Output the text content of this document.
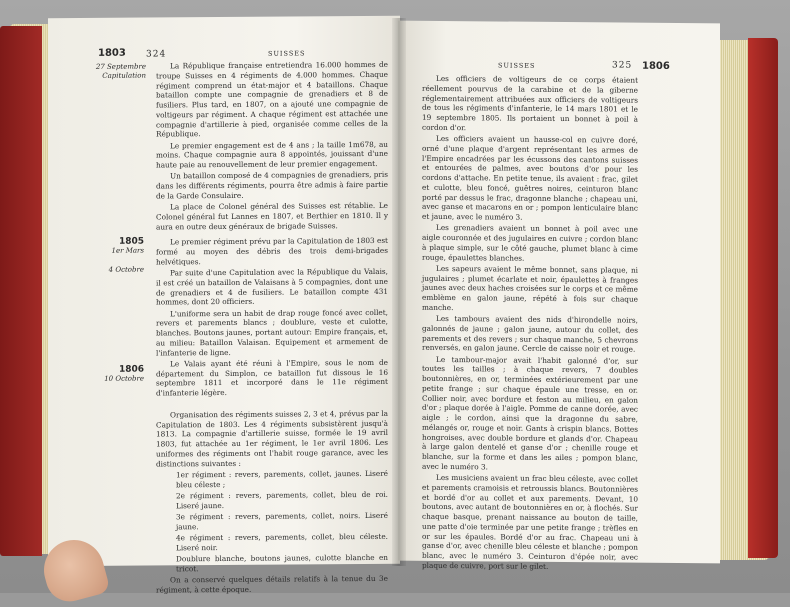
1803 324	SUISSES
27 Septembre
Capitulation
1805
1er Mars
4 Octobre
1806
10 Octobre

La République française entretiendra 16.000 hommes de troupe Suisses en 4 régiments de 4.000 hommes. Chaque régiment comprend un état-major et 4 bataillons. Chaque bataillon compte une compagnie de grenadiers et 8 de fusiliers. Plus tard, en 1807, on a ajouté une compagnie de voltigeurs par régiment. A chaque régiment est attachée une compagnie d'artillerie à pied, organisée comme celles de la République.

Le premier engagement est de 4 ans ; la taille 1m678, au moins. Chaque compagnie aura 8 appointés, jouissant d'une haute paie au renouvellement de leur premier engagement.

Un bataillon composé de 4 compagnies de grenadiers, pris dans les différents régiments, pourra être admis à faire partie de la Garde Consulaire.

La place de Colonel général des Suisses est rétablie. Le Colonel général fut Lannes en 1807, et Berthier en 1810. Il y aura en outre deux généraux de brigade Suisses.

Le premier régiment prévu par la Capitulation de 1803 est formé au moyen des débris des trois demi-brigades helvétiques.

Par suite d'une Capitulation avec la République du Valais, il est créé un bataillon de Valaisans à 5 compagnies, dont une de grenadiers et 4 de fusiliers. Le bataillon compte 431 hommes, dont 20 officiers.

L'uniforme sera un habit de drap rouge foncé avec collet, revers et parements blancs ; doublure, veste et culotte, blanches. Boutons jaunes, portant autour: Empire français, et, au milieu: Bataillon Valaisan. Equipement et armement de l'infanterie de ligne.

Le Valais ayant été réuni à l'Empire, sous le nom de département du Simplon, ce bataillon fut dissous le 16 septembre 1811 et incorporé dans le 11e régiment d'infanterie légère.

Organisation des régiments suisses 2, 3 et 4, prévus par la Capitulation de 1803. Les 4 régiments subsistèrent jusqu'à 1813. La compagnie d'artillerie suisse, formée le 19 avril 1803, fut attachée au 1er régiment, le 1er avril 1806. Les uniformes des régiments ont l'habit rouge garance, avec les distinctions suivantes :

1er régiment : revers, parements, collet, jaunes. Liseré bleu céleste ;

2e régiment : revers, parements, collet, bleu de roi. Liseré jaune.

3e régiment : revers, parements, collet, noirs. Liseré jaune.

4e régiment : revers, parements, collet, bleu céleste. Liseré noir.

Doublure blanche, boutons jaunes, culotte blanche en tricot.

On a conservé quelques détails relatifs à la tenue du 3e régiment, à cette époque.

SUISSES	325 1806

Les officiers de voltigeurs de ce corps étaient réellement pourvus de la carabine et de la giberne réglementairement attribuées aux officiers de voltigeurs de tous les régiments d'infanterie, le 14 mars 1801 et le 19 septembre 1805. Ils portaient un bonnet à poil à cordon d'or.

Les officiers avaient un hausse-col en cuivre doré, orné d'une plaque d'argent représentant les armes de l'Empire encadrées par les écussons des cantons suisses et entourées de palmes, avec boutons d'or pour les cordons d'attache. En petite tenue, ils avaient : frac, gilet et culotte, bleu foncé, guêtres noires, ceinturon blanc porté par dessus le frac, dragonne blanche ; chapeau uni, avec ganse et macarons en or ; pompon lenticulaire blanc et jaune, avec le numéro 3.

Les grenadiers avaient un bonnet à poil avec une aigle couronnée et des jugulaires en cuivre ; cordon blanc à plaque simple, sur le côté gauche, plumet blanc à cime rouge, épaulettes blanches.

Les sapeurs avaient le même bonnet, sans plaque, ni jugulaires ; plumet écarlate et noir, épaulettes à franges jaunes avec deux haches croisées sur le corps et ce même emblème en galon jaune, répété à fois sur chaque manche.

Les tambours avaient des nids d'hirondelle noirs, galonnés de jaune ; galon jaune, autour du collet, des parements et des revers ; sur chaque manche, 5 chevrons renversés, en galon jaune. Cercle de caisse noir et rouge.

Le tambour-major avait l'habit galonné d'or, sur toutes les tailles ; à chaque revers, 7 doubles boutonnières, en or, terminées extérieurement par une petite frange ; sur chaque épaule une tresse, en or. Collier noir, avec bordure et feston au milieu, en galon d'or ; plaque dorée à l'aigle. Pomme de canne dorée, avec aigle ; le cordon, ainsi que la dragonne du sabre, mélangés or, rouge et noir. Gants à crispin blancs. Bottes hongroises, avec double bordure et glands d'or. Chapeau à large galon dentelé et ganse d'or ; chenille rouge et blanche, sur la forme et dans les ailes ; pompon blanc, avec le numéro 3.

Les musiciens avaient un frac bleu céleste, avec collet et parements cramoisis et retroussis blancs. Boutonnières et bordé d'or au collet et aux parements. Devant, 10 boutons, avec autant de boutonnières en or, à flochés. Sur chaque basque, prenant naissance au bouton de taille, une patte d'oie terminée par une petite frange ; trèfles en or sur les épaules. Bordé d'or au frac. Chapeau uni à ganse d'or, avec chenille bleu céleste et blanche ; pompon blanc, avec le numéro 3. Ceinturon d'épée noir, avec plaque de cuivre, port sur le gilet.
